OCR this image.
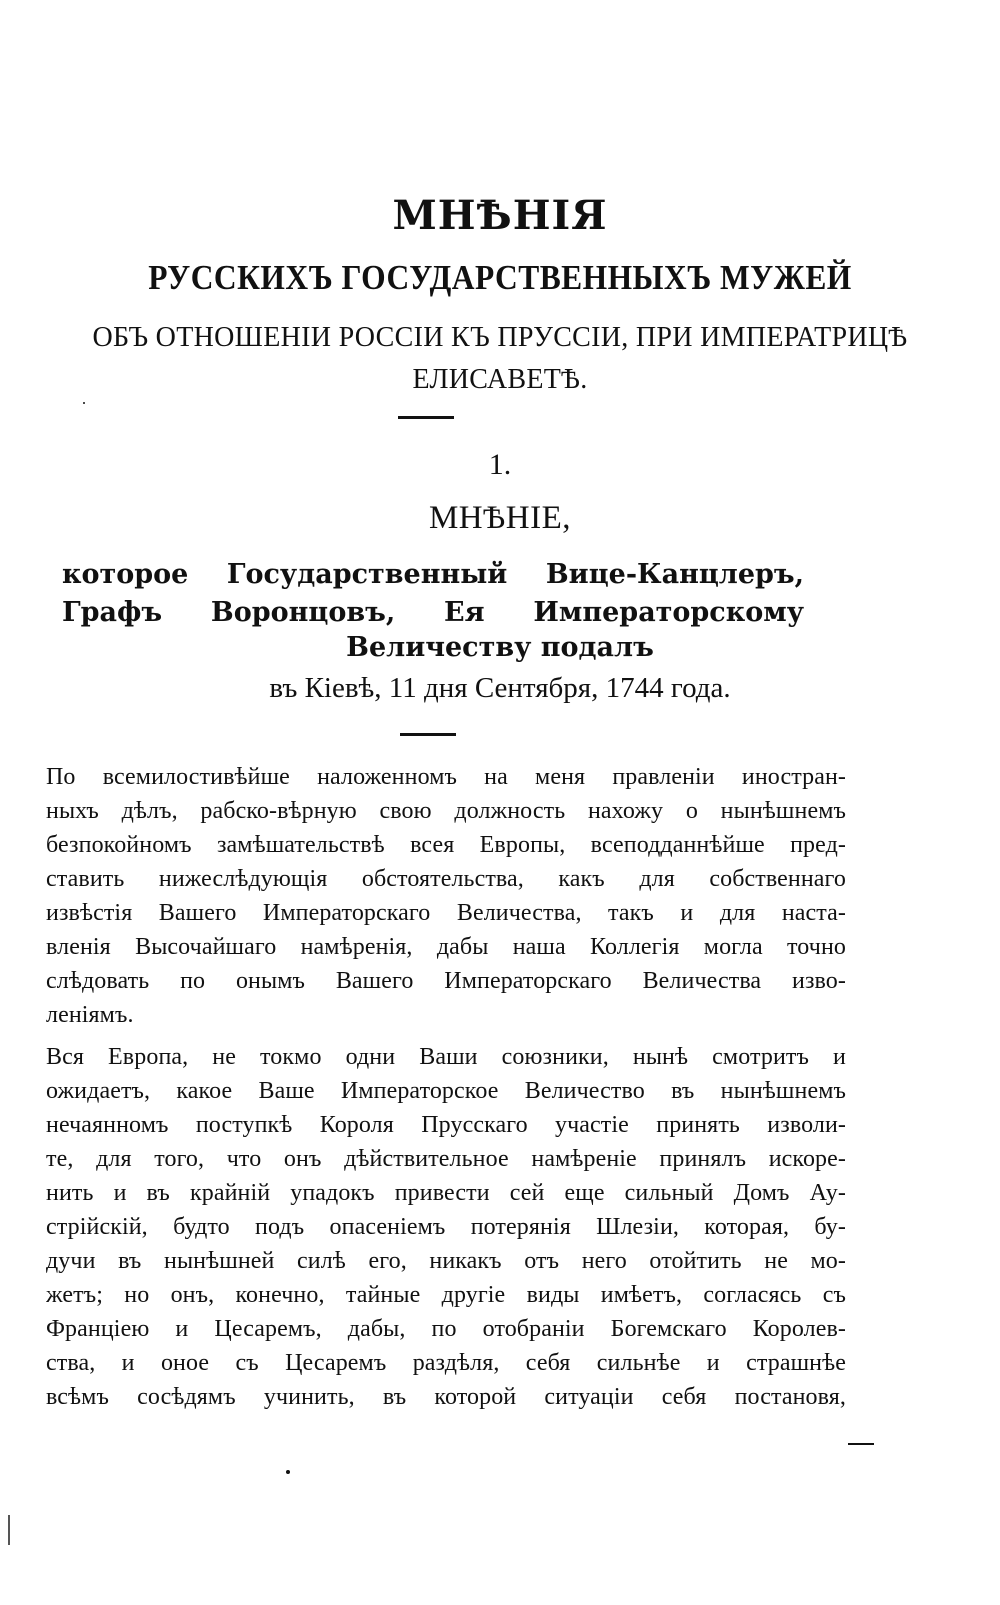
МНѢНІЯ
РУССКИХЪ ГОСУДАРСТВЕННЫХЪ МУЖЕЙ
ОБЪ ОТНОШЕНІИ РОССІИ КЪ ПРУССІИ, ПРИ ИМПЕРАТРИЦѢ
ЕЛИСАВЕТѢ.
1.
МНѢНІЕ,
которое Государственный Вице-Канцлеръ,
Графъ Воронцовъ, Ея Императорскому
Величеству подалъ
въ Кіевѣ, 11 дня Сентября, 1744 года.
По всемилостивѣйше наложенномъ на меня правленіи иностран-
ныхъ дѣлъ, рабско-вѣрную свою должность нахожу о нынѣшнемъ
безпокойномъ замѣшательствѣ всея Европы, всеподданнѣйше пред-
ставить нижеслѣдующія обстоятельства, какъ для собственнаго
извѣстія Вашего Императорскаго Величества, такъ и для наста-
вленія Высочайшаго намѣренія, дабы наша Коллегія могла точно
слѣдовать по онымъ Вашего Императорскаго Величества изво-
леніямъ.
Вся Европа, не токмо одни Ваши союзники, нынѣ смотритъ и
ожидаетъ, какое Ваше Императорское Величество въ нынѣшнемъ
нечаянномъ поступкѣ Короля Прусскаго участіе принять изволи-
те, для того, что онъ дѣйствительное намѣреніе принялъ искоре-
нить и въ крайній упадокъ привести сей еще сильный Домъ Ау-
стрійскій, будто подъ опасеніемъ потерянія Шлезіи, которая, бу-
дучи въ нынѣшней силѣ его, никакъ отъ него отойтить не мо-
жетъ; но онъ, конечно, тайные другіе виды имѣетъ, согласясь съ
Франціею и Цесаремъ, дабы, по отобраніи Богемскаго Королев-
ства, и оное съ Цесаремъ раздѣля, себя сильнѣе и страшнѣе
всѣмъ сосѣдямъ учинить, въ которой ситуаціи себя постановя,
